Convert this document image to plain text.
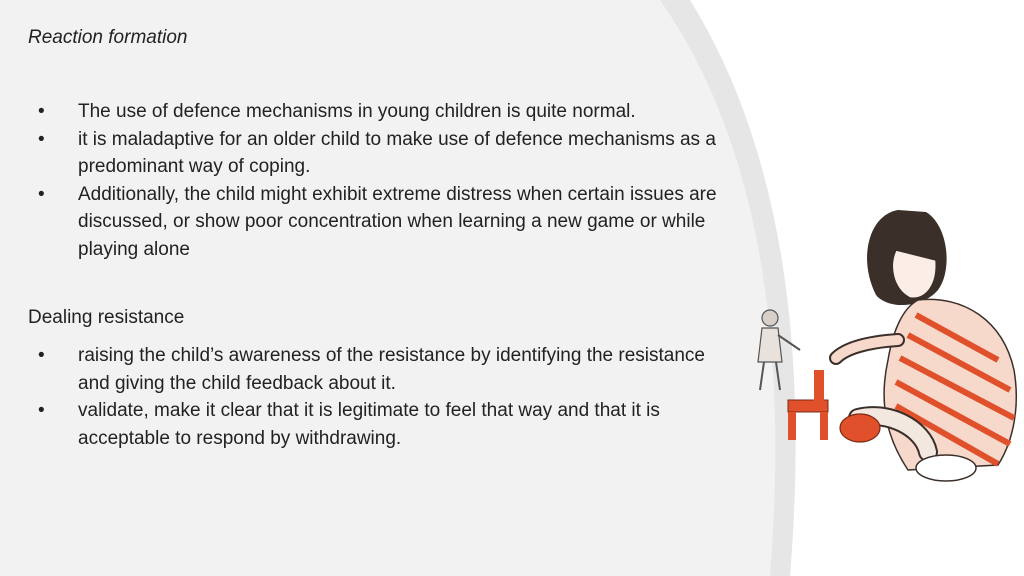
Reaction formation

• The use of defence mechanisms in young children is quite normal.
• it is maladaptive for an older child to make use of defence mechanisms as a predominant way of coping.
• Additionally, the child might exhibit extreme distress when certain issues are discussed, or show poor concentration when learning a new game or while playing alone

Dealing resistance

• raising the child’s awareness of the resistance by identifying the resistance and giving the child feedback about it.
• validate, make it clear that it is legitimate to feel that way and that it is acceptable to respond by withdrawing.
